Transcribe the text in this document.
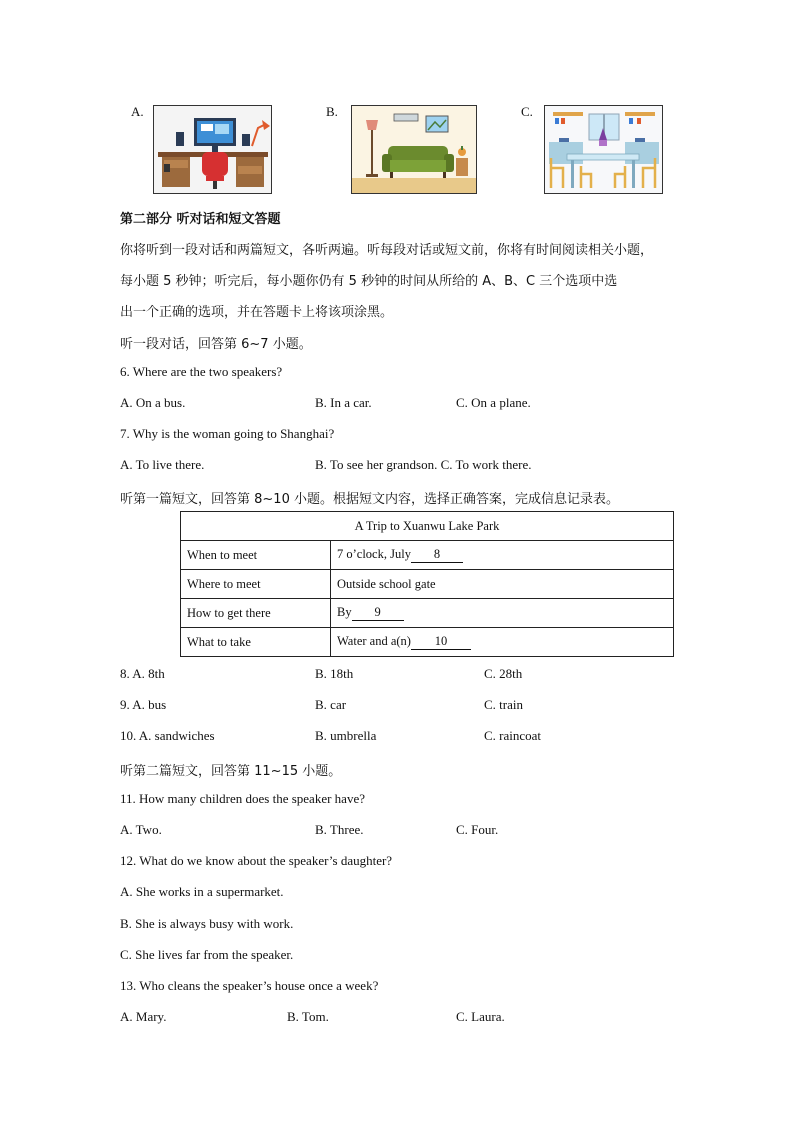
A.	B.	C.
第二部分 听对话和短文答题
你将听到一段对话和两篇短文，各听两遍。听每段对话或短文前，你将有时间阅读相关小题，
每小题 5 秒钟；听完后，每小题你仍有 5 秒钟的时间从所给的 A、B、C 三个选项中选
出一个正确的选项，并在答题卡上将该项涂黑。
听一段对话，回答第 6~7 小题。
6. Where are the two speakers?
A. On a bus.	B. In a car.	C. On a plane.
7. Why is the woman going to Shanghai?
A. To live there.	B. To see her grandson. C. To work there.
听第一篇短文，回答第 8~10 小题。根据短文内容，选择正确答案，完成信息记录表。
A Trip to Xuanwu Lake Park	
When to meet	7 o’clock, July 8
Where to meet	Outside school gate
How to get there	By 9
What to take	Water and a(n) 10
8. A. 8th	B. 18th	C. 28th
9. A. bus	B. car	C. train
10. A. sandwiches	B. umbrella	C. raincoat
听第二篇短文，回答第 11~15 小题。
11. How many children does the speaker have?
A. Two.	B. Three.	C. Four.
12. What do we know about the speaker’s daughter?
A. She works in a supermarket.
B. She is always busy with work.
C. She lives far from the speaker.
13. Who cleans the speaker’s house once a week?
A. Mary.	B. Tom.	C. Laura.
